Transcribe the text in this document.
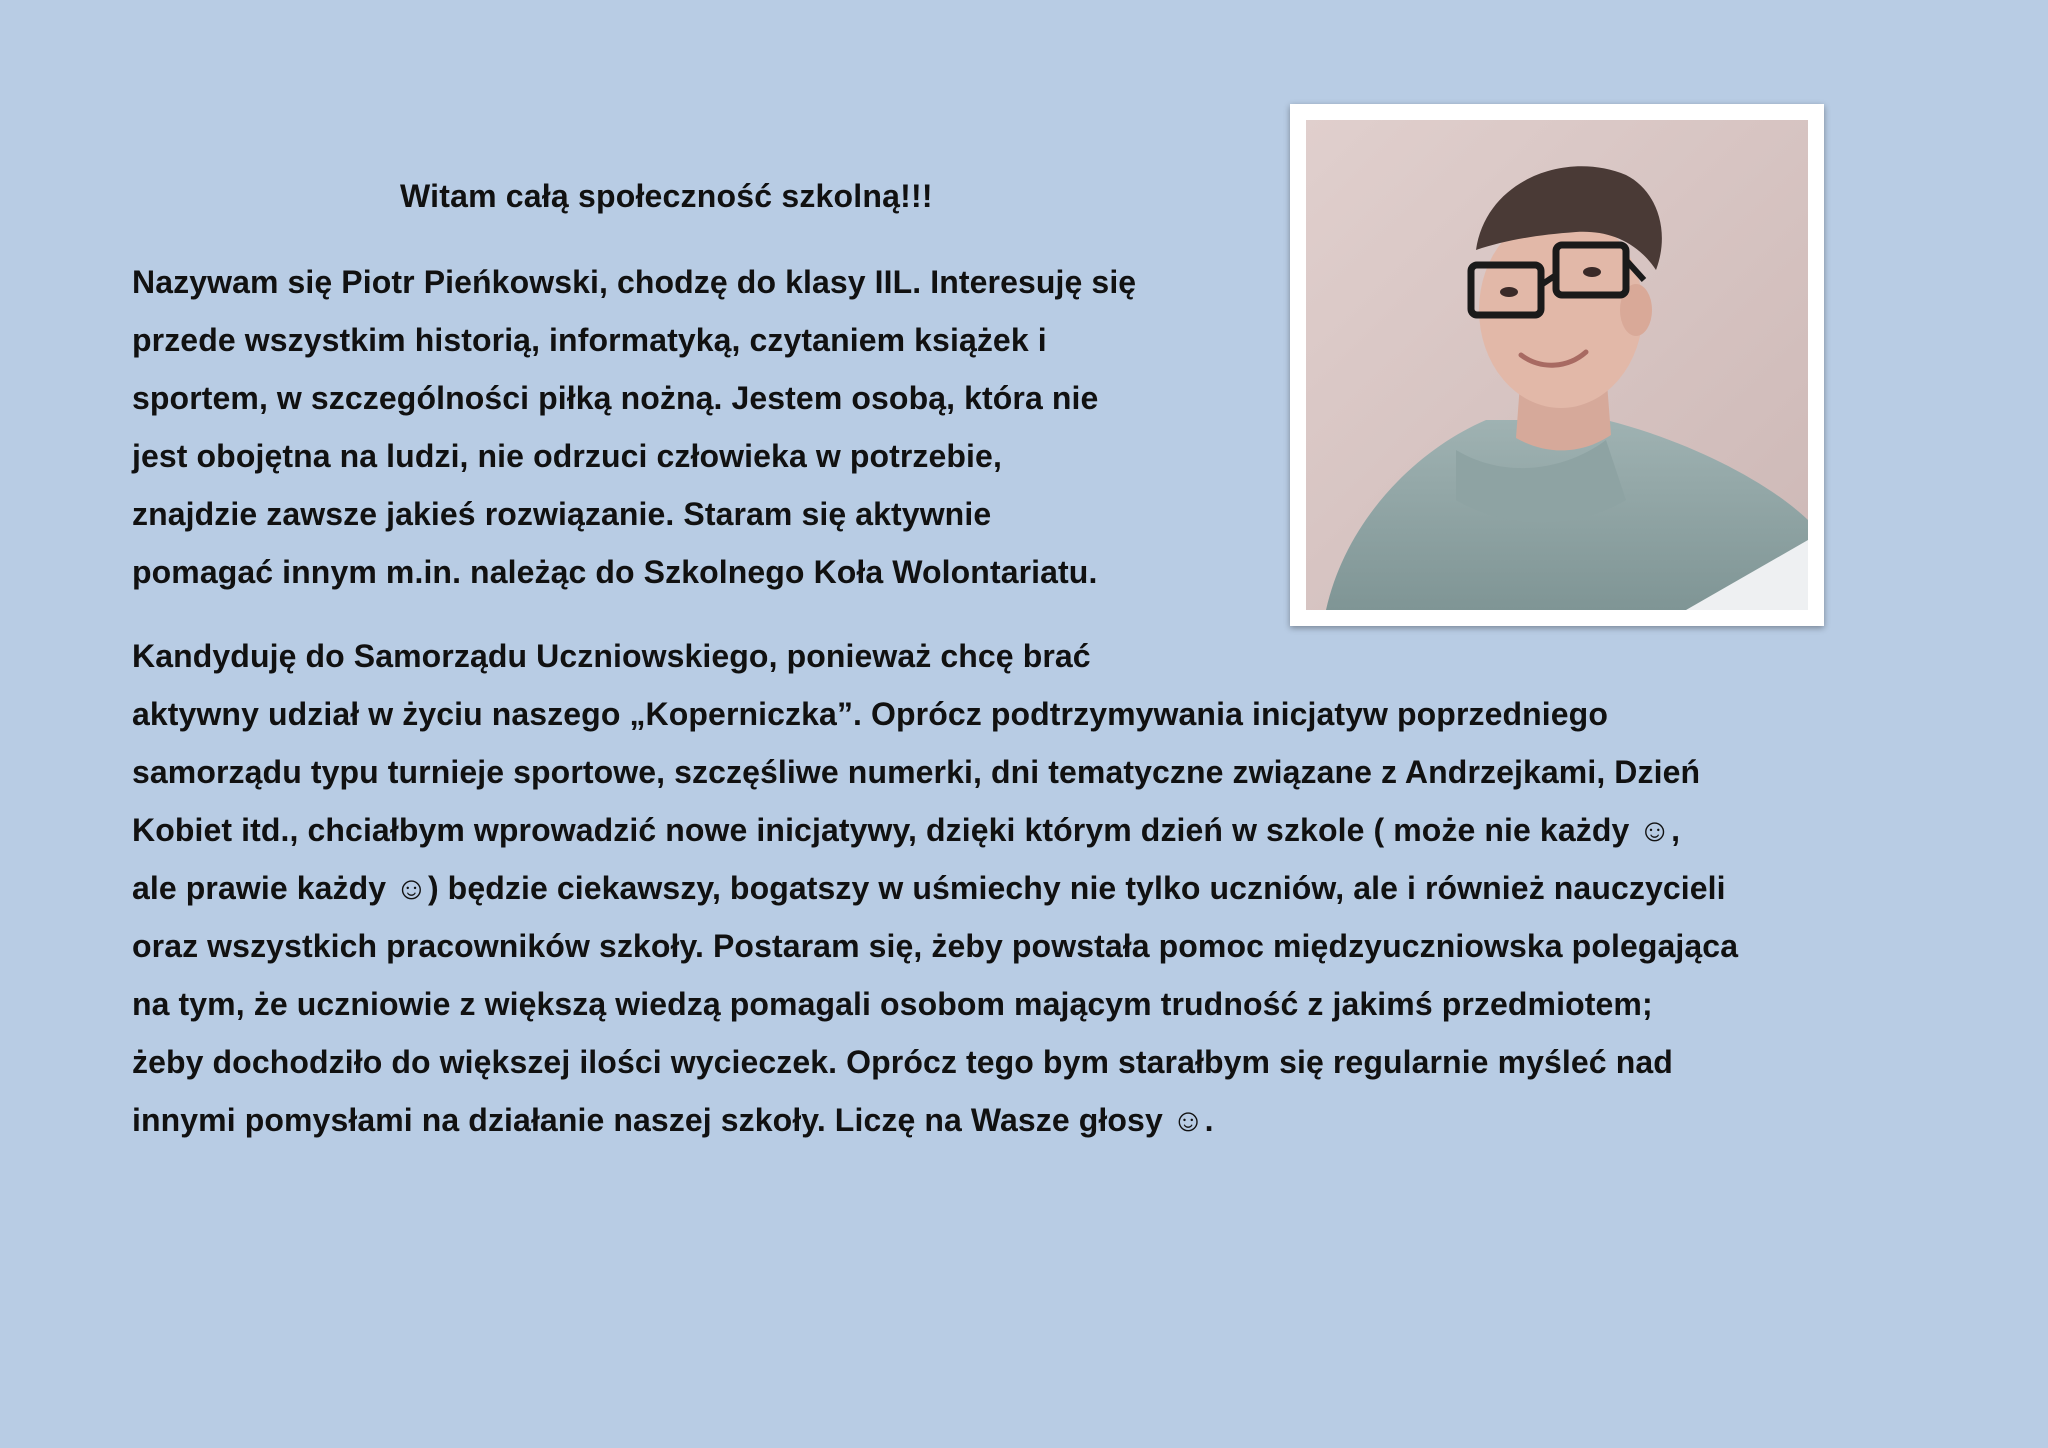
Witam całą społeczność szkolną!!!
Nazywam się Piotr Pieńkowski, chodzę do klasy IIL. Interesuję się
przede wszystkim historią, informatyką, czytaniem książek i
sportem, w szczególności piłką nożną. Jestem osobą, która nie
jest obojętna na ludzi, nie odrzuci człowieka w potrzebie,
znajdzie zawsze jakieś rozwiązanie. Staram się aktywnie
pomagać innym m.in. należąc do Szkolnego Koła Wolontariatu.
Kandyduję do Samorządu Uczniowskiego, ponieważ chcę brać
aktywny udział w życiu naszego „Koperniczka”. Oprócz podtrzymywania inicjatyw poprzedniego
samorządu typu turnieje sportowe, szczęśliwe numerki, dni tematyczne związane z Andrzejkami, Dzień
Kobiet itd., chciałbym wprowadzić nowe inicjatywy, dzięki którym dzień w szkole ( może nie każdy ☺,
ale prawie każdy ☺) będzie ciekawszy, bogatszy w uśmiechy nie tylko uczniów, ale i również nauczycieli
oraz wszystkich pracowników szkoły. Postaram się, żeby powstała pomoc międzyuczniowska polegająca
na tym, że uczniowie z większą wiedzą pomagali osobom mającym trudność z jakimś przedmiotem;
żeby dochodziło do większej ilości wycieczek. Oprócz tego bym starałbym się regularnie myśleć nad
innymi pomysłami na działanie naszej szkoły. Liczę na Wasze głosy ☺.
